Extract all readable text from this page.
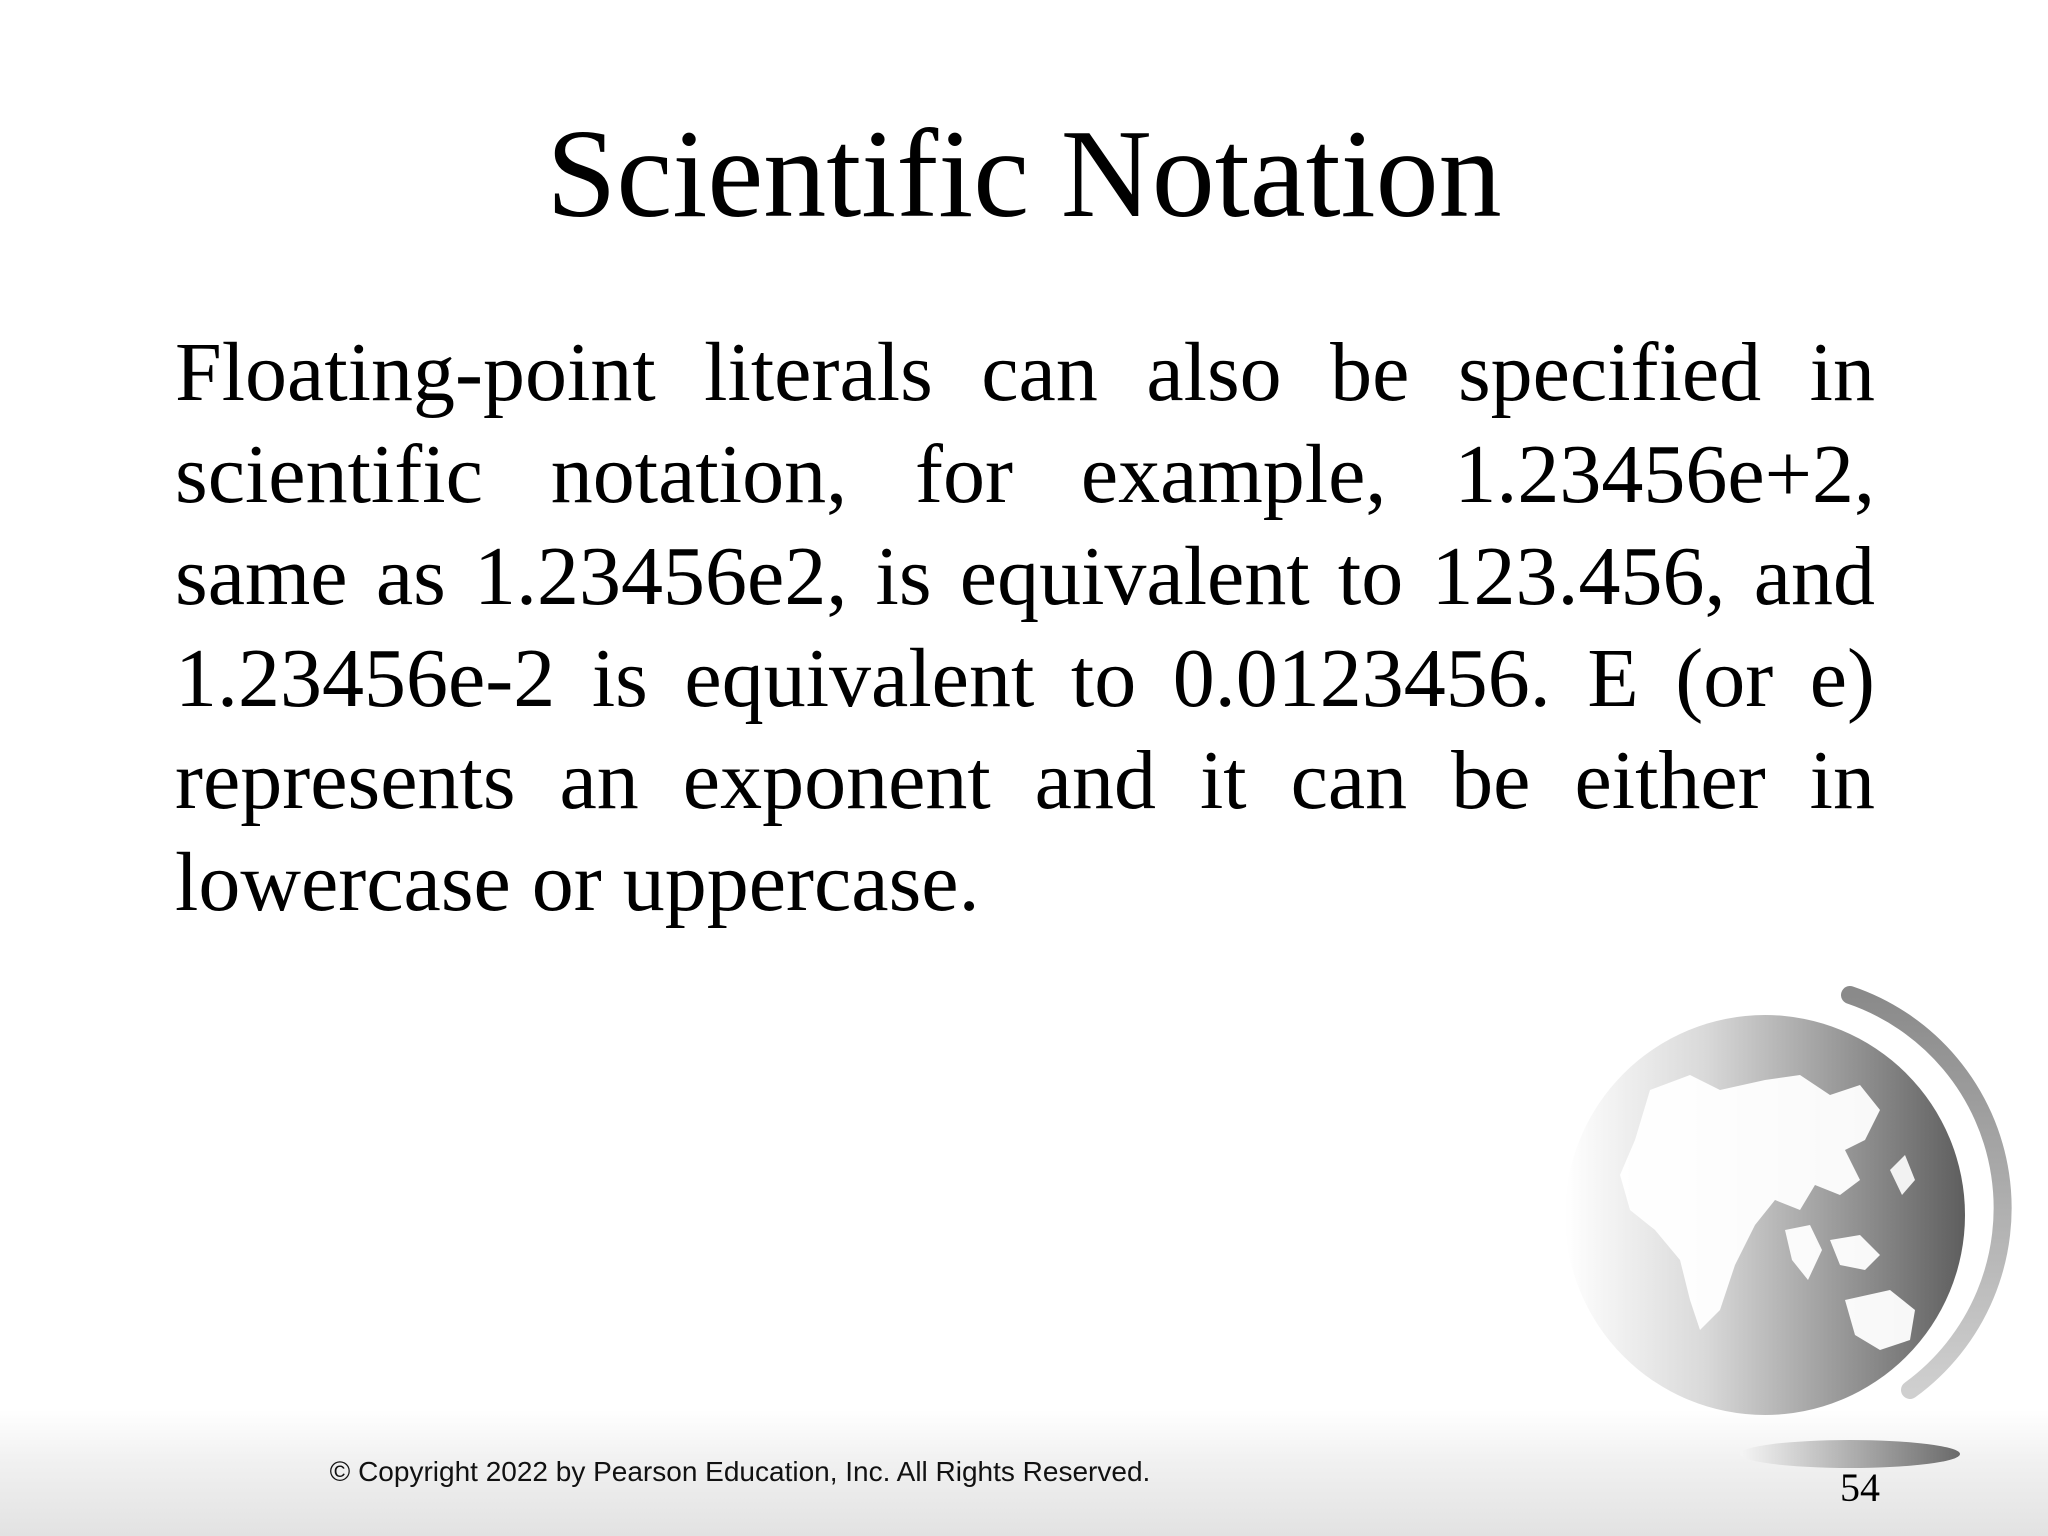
Scientific Notation

Floating-point literals can also be specified in scientific notation, for example, 1.23456e+2, same as 1.23456e2, is equivalent to 123.456, and 1.23456e-2 is equivalent to 0.0123456. E (or e) represents an exponent and it can be either in lowercase or uppercase.

© Copyright 2022 by Pearson Education, Inc. All Rights Reserved.	54
